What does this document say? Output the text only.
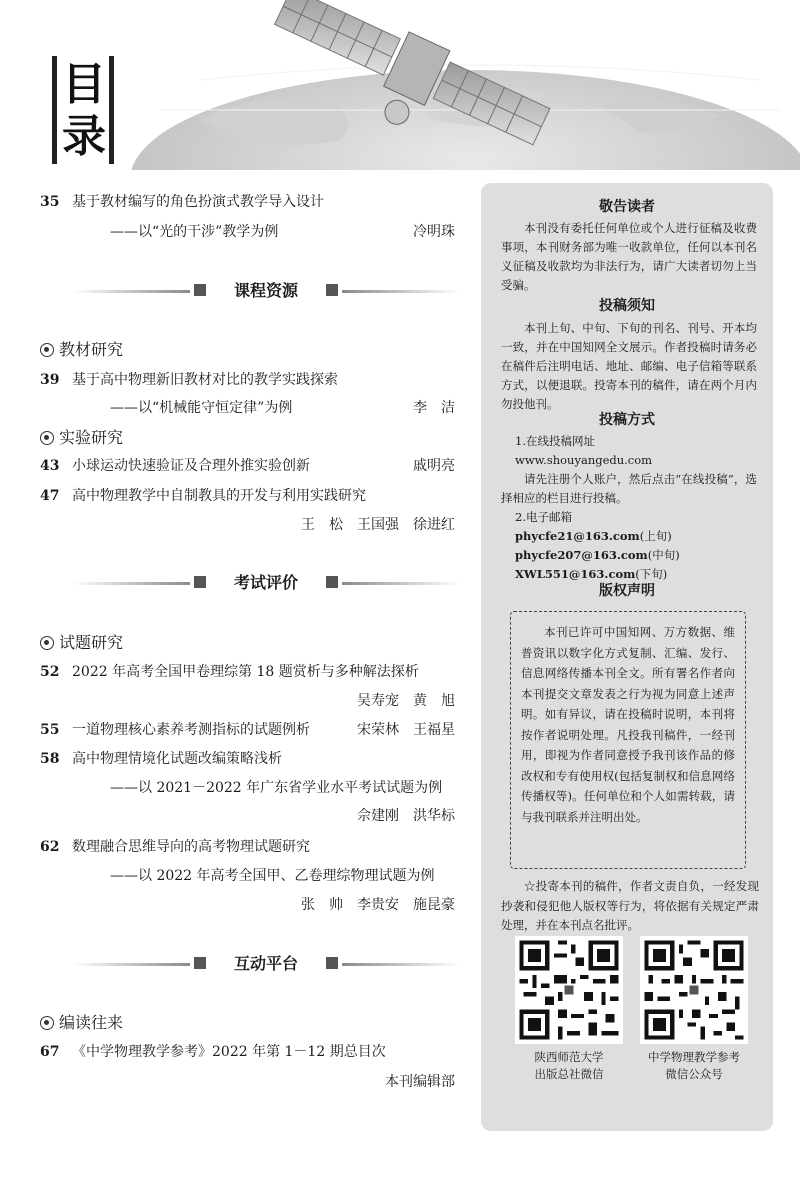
目
录
35 基于教材编写的角色扮演式教学导入设计
——以“光的干涉”教学为例	冷明珠
课程资源
教材研究
39 基于高中物理新旧教材对比的教学实践探索
——以“机械能守恒定律”为例	李　洁
实验研究
43 小球运动快速验证及合理外推实验创新	戚明亮
47 高中物理教学中自制教具的开发与利用实践研究
王　松　王国强　徐进红
考试评价
试题研究
52 2022 年高考全国甲卷理综第 18 题赏析与多种解法探析
吴寿宠　黄　旭
55 一道物理核心素养考测指标的试题例析	宋荣林　王福星
58 高中物理情境化试题改编策略浅析
——以 2021－2022 年广东省学业水平考试试题为例
佘建刚　洪华标
62 数理融合思维导向的高考物理试题研究
——以 2022 年高考全国甲、乙卷理综物理试题为例
张　帅　李贵安　施昆豪
互动平台
编读往来
67 《中学物理教学参考》2022 年第 1－12 期总目次
本刊编辑部
敬告读者
本刊没有委托任何单位或个人进行征稿及收费事项，本刊财务部为唯一收款单位，任何以本刊名义征稿及收款均为非法行为，请广大读者切勿上当受骗。
投稿须知
本刊上旬、中旬、下旬的刊名、刊号、开本均一致，并在中国知网全文展示。作者投稿时请务必在稿件后注明电话、地址、邮编、电子信箱等联系方式，以便退联。投寄本刊的稿件，请在两个月内勿投他刊。
投稿方式
1.在线投稿网址
www.shouyangedu.com
请先注册个人账户，然后点击“在线投稿”，选择相应的栏目进行投稿。
2.电子邮箱
phycfe21@163.com(上旬)
phycfe207@163.com(中旬)
XWL551@163.com(下旬)
版权声明
本刊已许可中国知网、万方数据、维普资讯以数字化方式复制、汇编、发行、信息网络传播本刊全文。所有署名作者向本刊提交文章发表之行为视为同意上述声明。如有异议，请在投稿时说明，本刊将按作者说明处理。凡投我刊稿件，一经刊用，即视为作者同意授予我刊该作品的修改权和专有使用权(包括复制权和信息网络传播权等)。任何单位和个人如需转载，请与我刊联系并注明出处。
☆投寄本刊的稿件，作者文责自负，一经发现抄袭和侵犯他人版权等行为，将依据有关规定严肃处理，并在本刊点名批评。
陕西师范大学
出版总社微信
中学物理教学参考
微信公众号
